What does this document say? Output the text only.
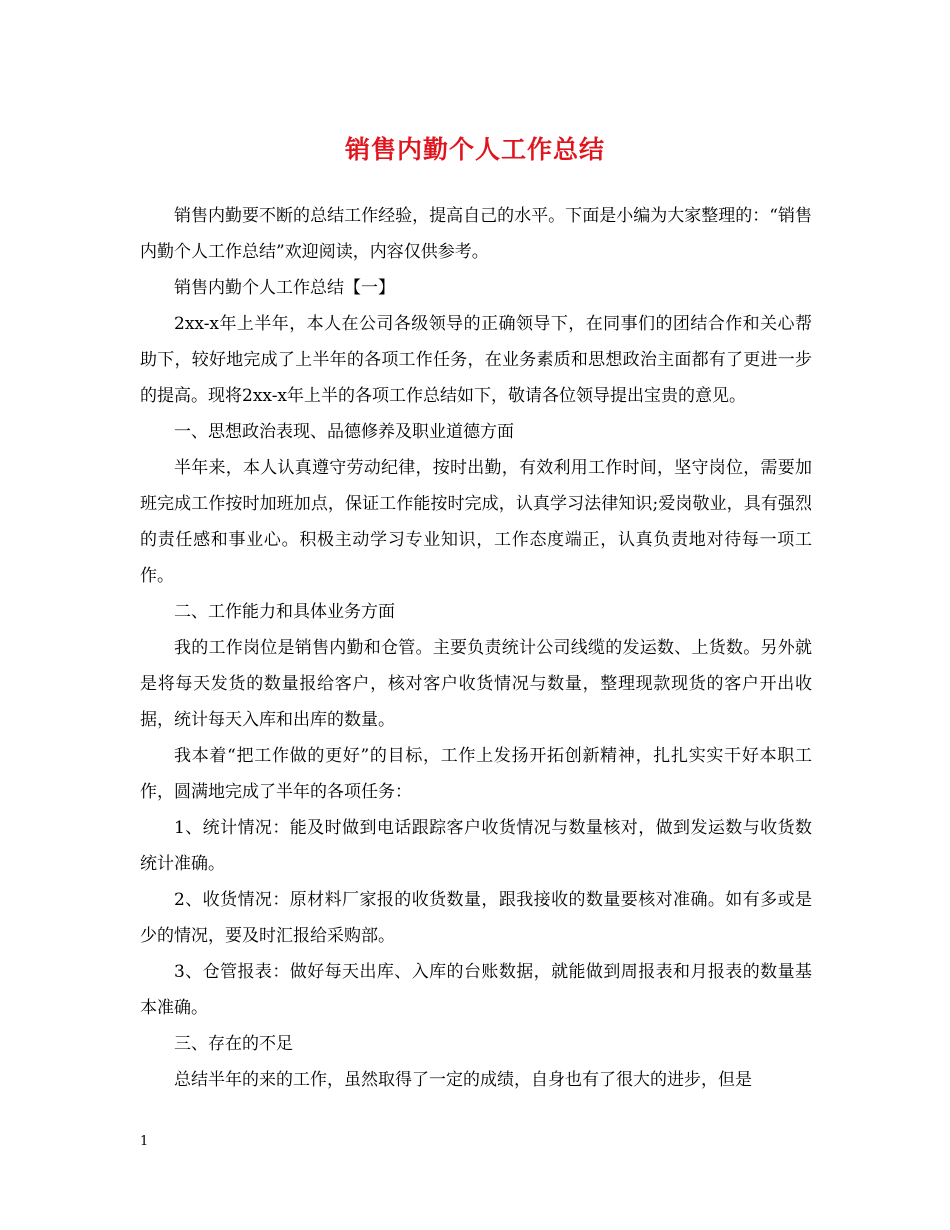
销售内勤个人工作总结

销售内勤要不断的总结工作经验，提高自己的水平。下面是小编为大家整理的：“销售内勤个人工作总结”欢迎阅读，内容仅供参考。

销售内勤个人工作总结【一】

2xx-x年上半年，本人在公司各级领导的正确领导下，在同事们的团结合作和关心帮助下，较好地完成了上半年的各项工作任务，在业务素质和思想政治主面都有了更进一步的提高。现将2xx-x年上半的各项工作总结如下，敬请各位领导提出宝贵的意见。

一、思想政治表现、品德修养及职业道德方面

半年来，本人认真遵守劳动纪律，按时出勤，有效利用工作时间，坚守岗位，需要加班完成工作按时加班加点，保证工作能按时完成，认真学习法律知识;爱岗敬业，具有强烈的责任感和事业心。积极主动学习专业知识，工作态度端正，认真负责地对待每一项工作。

二、工作能力和具体业务方面

我的工作岗位是销售内勤和仓管。主要负责统计公司线缆的发运数、上货数。另外就是将每天发货的数量报给客户，核对客户收货情况与数量，整理现款现货的客户开出收据，统计每天入库和出库的数量。

我本着“把工作做的更好”的目标，工作上发扬开拓创新精神，扎扎实实干好本职工作，圆满地完成了半年的各项任务：

1、统计情况：能及时做到电话跟踪客户收货情况与数量核对，做到发运数与收货数统计准确。

2、收货情况：原材料厂家报的收货数量，跟我接收的数量要核对准确。如有多或是少的情况，要及时汇报给采购部。

3、仓管报表：做好每天出库、入库的台账数据，就能做到周报表和月报表的数量基本准确。

三、存在的不足

总结半年的来的工作，虽然取得了一定的成绩，自身也有了很大的进步，但是

1
